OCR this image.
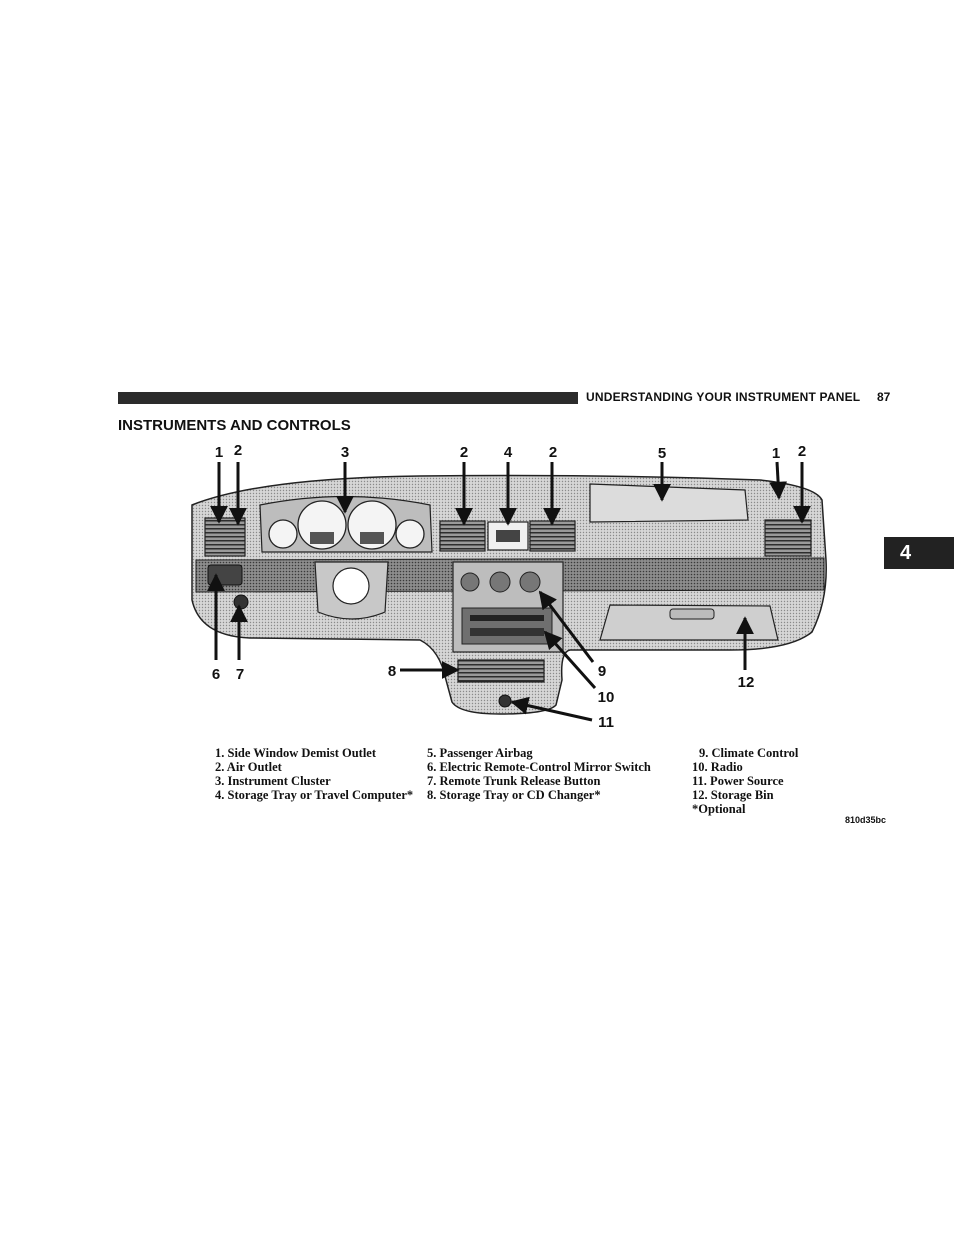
UNDERSTANDING YOUR INSTRUMENT PANEL 87
INSTRUMENTS AND CONTROLS
4
1 2	3	2 4 2	5	1 2
6 7	8	9
10
11
12
1. Side Window Demist Outlet
2. Air Outlet
3. Instrument Cluster
4. Storage Tray or Travel Computer*
5. Passenger Airbag
6. Electric Remote-Control Mirror Switch
7. Remote Trunk Release Button
8. Storage Tray or CD Changer*
9. Climate Control
10. Radio
11. Power Source
12. Storage Bin
*Optional
810d35bc
